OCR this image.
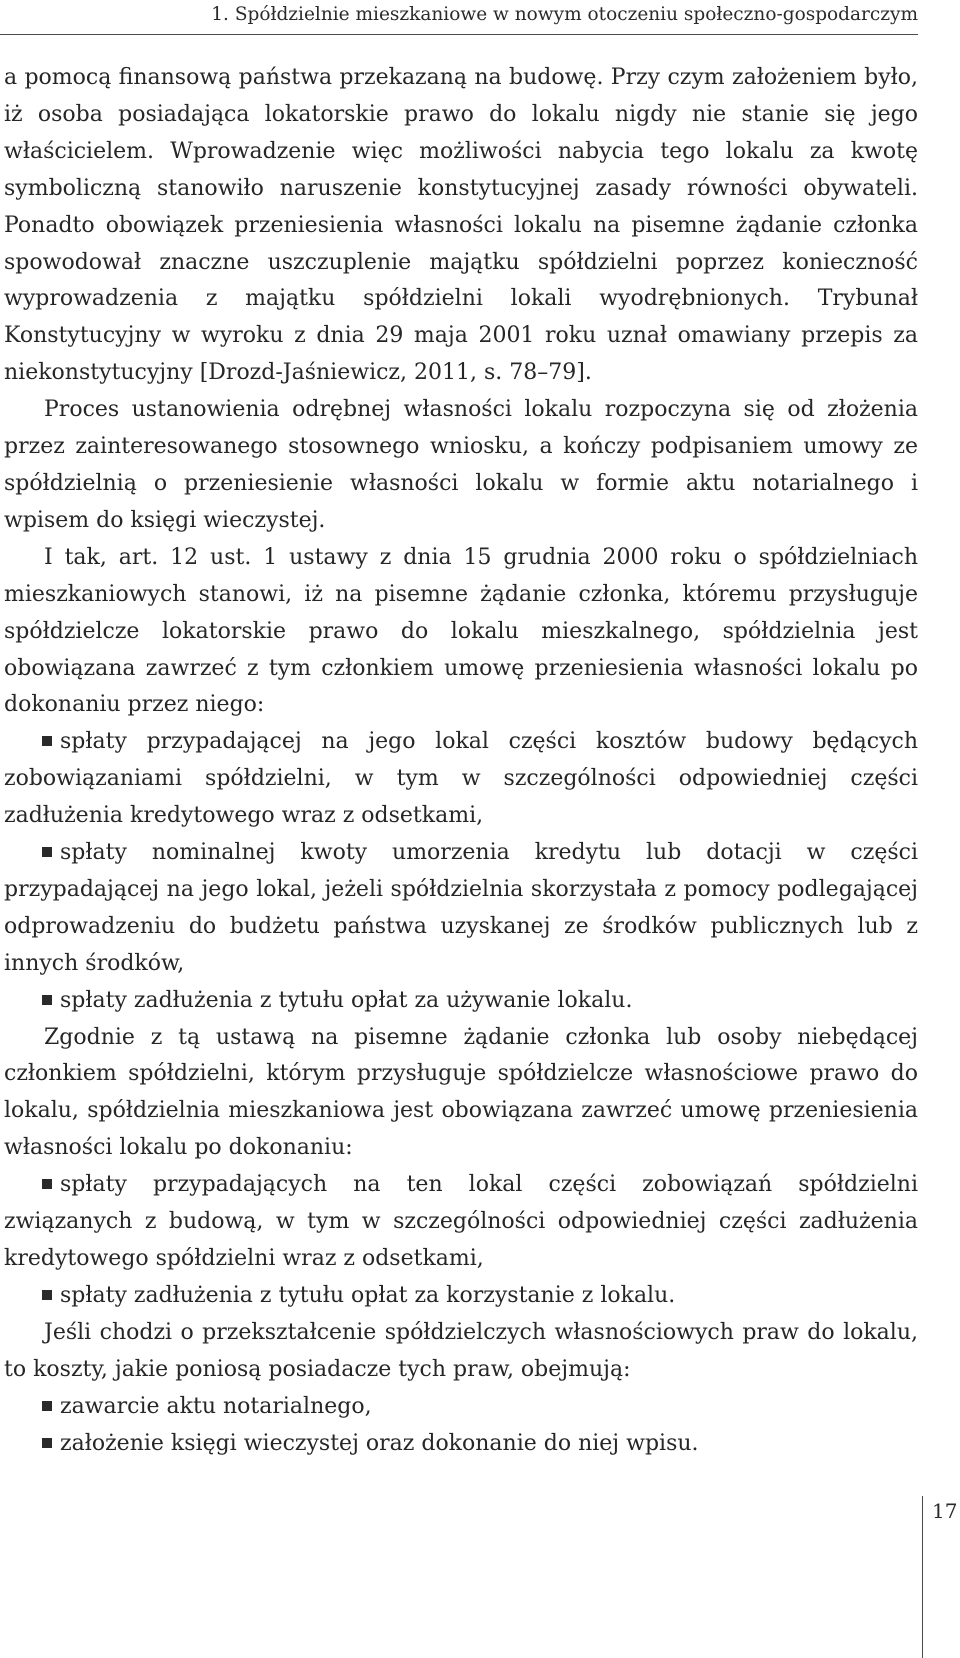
1. Spółdzielnie mieszkaniowe w nowym otoczeniu społeczno-gospodarczym

a pomocą finansową państwa przekazaną na budowę. Przy czym założeniem było, iż osoba posiadająca lokatorskie prawo do lokalu nigdy nie stanie się jego właścicielem. Wprowadzenie więc możliwości nabycia tego lokalu za kwotę symboliczną stanowiło naruszenie konstytucyjnej zasady równości obywateli. Ponadto obowiązek przeniesienia własności lokalu na pisemne żądanie członka spowodował znaczne uszczuplenie majątku spółdzielni poprzez konieczność wyprowadzenia z majątku spółdzielni lokali wyodrębnionych. Trybunał Konstytucyjny w wyroku z dnia 29 maja 2001 roku uznał omawiany przepis za niekonstytucyjny [Drozd-Jaśniewicz, 2011, s. 78–79].

Proces ustanowienia odrębnej własności lokalu rozpoczyna się od złożenia przez zainteresowanego stosownego wniosku, a kończy podpisaniem umowy ze spółdzielnią o przeniesienie własności lokalu w formie aktu notarialnego i wpisem do księgi wieczystej.

I tak, art. 12 ust. 1 ustawy z dnia 15 grudnia 2000 roku o spółdzielniach mieszkaniowych stanowi, iż na pisemne żądanie członka, któremu przysługuje spółdzielcze lokatorskie prawo do lokalu mieszkalnego, spółdzielnia jest obowiązana zawrzeć z tym członkiem umowę przeniesienia własności lokalu po dokonaniu przez niego:

spłaty przypadającej na jego lokal części kosztów budowy będących zobowiązaniami spółdzielni, w tym w szczególności odpowiedniej części zadłużenia kredytowego wraz z odsetkami,

spłaty nominalnej kwoty umorzenia kredytu lub dotacji w części przypadającej na jego lokal, jeżeli spółdzielnia skorzystała z pomocy podlegającej odprowadzeniu do budżetu państwa uzyskanej ze środków publicznych lub z innych środków,

spłaty zadłużenia z tytułu opłat za używanie lokalu.

Zgodnie z tą ustawą na pisemne żądanie członka lub osoby niebędącej członkiem spółdzielni, którym przysługuje spółdzielcze własnościowe prawo do lokalu, spółdzielnia mieszkaniowa jest obowiązana zawrzeć umowę przeniesienia własności lokalu po dokonaniu:

spłaty przypadających na ten lokal części zobowiązań spółdzielni związanych z budową, w tym w szczególności odpowiedniej części zadłużenia kredytowego spółdzielni wraz z odsetkami,

spłaty zadłużenia z tytułu opłat za korzystanie z lokalu.

Jeśli chodzi o przekształcenie spółdzielczych własnościowych praw do lokalu, to koszty, jakie poniosą posiadacze tych praw, obejmują:

zawarcie aktu notarialnego,

założenie księgi wieczystej oraz dokonanie do niej wpisu.

17
